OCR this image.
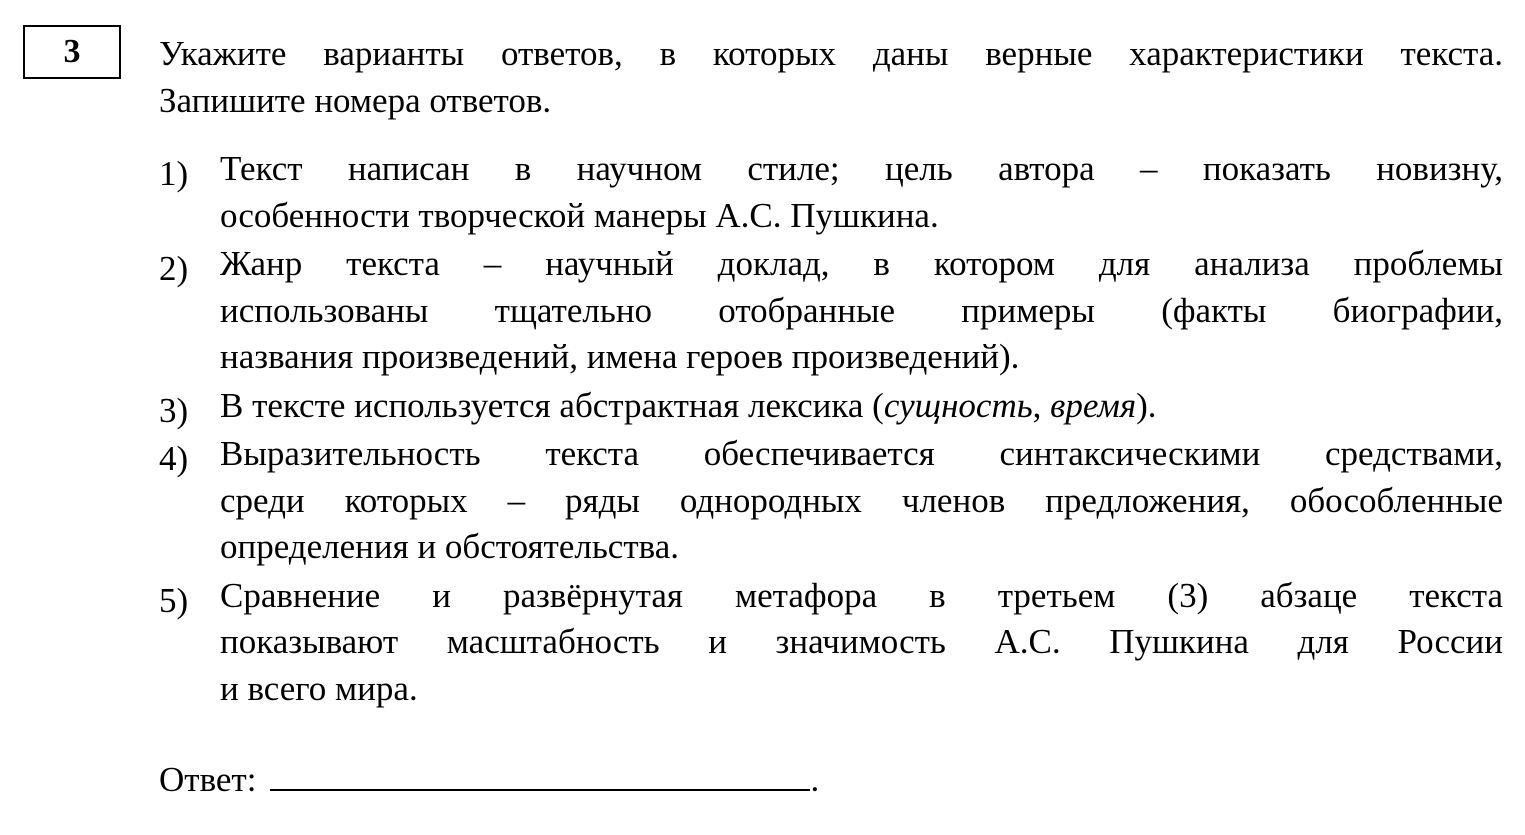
3 Укажите варианты ответов, в которых даны верные характеристики текста.
Запишите номера ответов.
1) Текст написан в научном стиле; цель автора – показать новизну,
особенности творческой манеры А.С. Пушкина.
2) Жанр текста – научный доклад, в котором для анализа проблемы
использованы тщательно отобранные примеры (факты биографии,
названия произведений, имена героев произведений).
3) В тексте используется абстрактная лексика (сущность, время).
4) Выразительность текста обеспечивается синтаксическими средствами,
среди которых – ряды однородных членов предложения, обособленные
определения и обстоятельства.
5) Сравнение и развёрнутая метафора в третьем (3) абзаце текста
показывают масштабность и значимость А.С. Пушкина для России
и всего мира.
Ответ:	.
